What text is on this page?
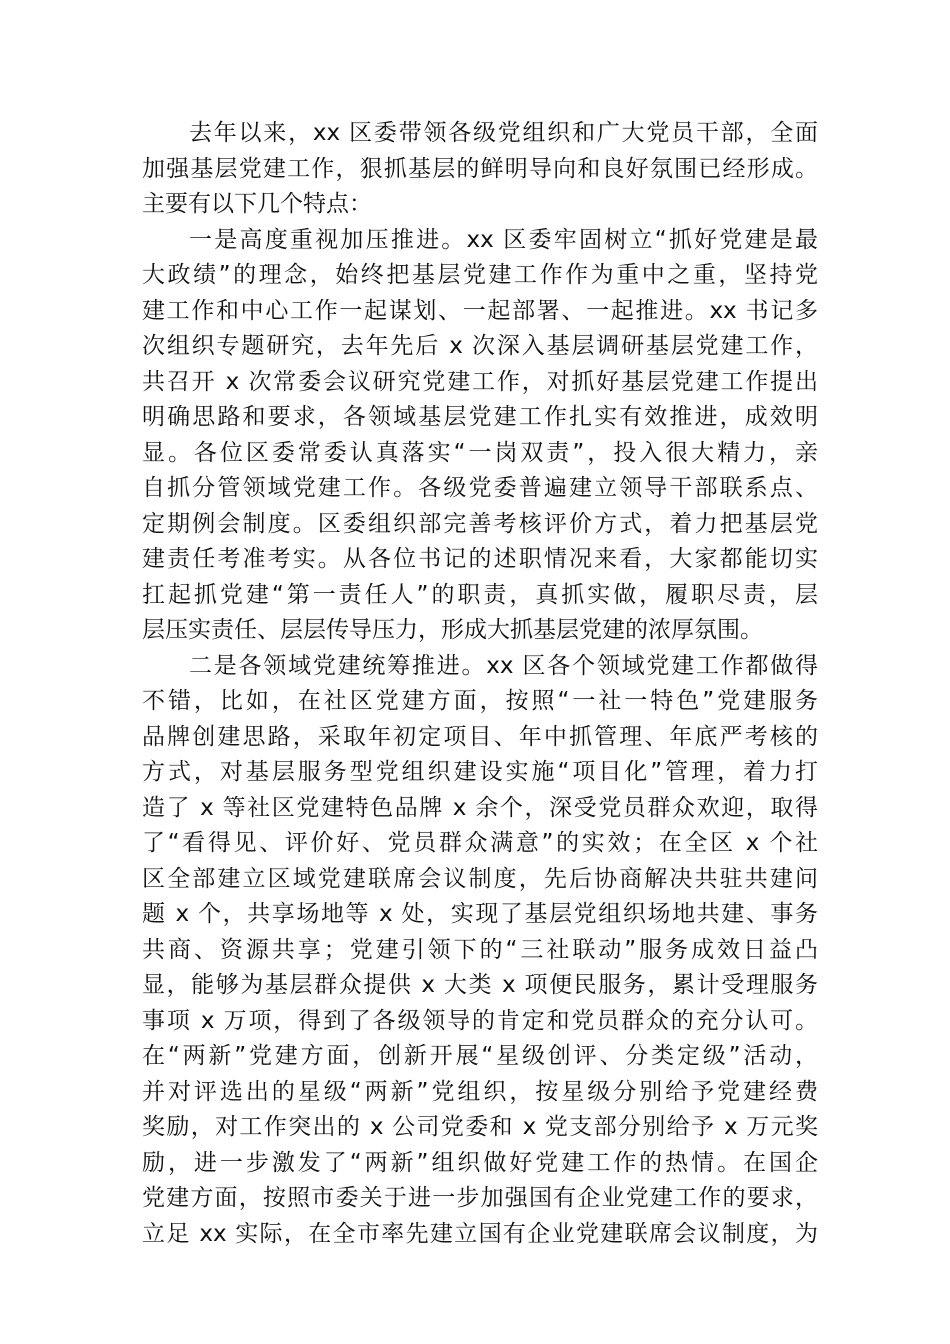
去年以来，xx 区委带领各级党组织和广大党员干部，全面
加强基层党建工作，狠抓基层的鲜明导向和良好氛围已经形成。
主要有以下几个特点：
一是高度重视加压推进。xx 区委牢固树立“抓好党建是最
大政绩”的理念，始终把基层党建工作作为重中之重，坚持党
建工作和中心工作一起谋划、一起部署、一起推进。xx 书记多
次组织专题研究，去年先后 x 次深入基层调研基层党建工作，
共召开 x 次常委会议研究党建工作，对抓好基层党建工作提出
明确思路和要求，各领域基层党建工作扎实有效推进，成效明
显。各位区委常委认真落实“一岗双责”，投入很大精力，亲
自抓分管领域党建工作。各级党委普遍建立领导干部联系点、
定期例会制度。区委组织部完善考核评价方式，着力把基层党
建责任考准考实。从各位书记的述职情况来看，大家都能切实
扛起抓党建“第一责任人”的职责，真抓实做，履职尽责，层
层压实责任、层层传导压力，形成大抓基层党建的浓厚氛围。
二是各领域党建统筹推进。xx 区各个领域党建工作都做得
不错，比如，在社区党建方面，按照“一社一特色”党建服务
品牌创建思路，采取年初定项目、年中抓管理、年底严考核的
方式，对基层服务型党组织建设实施“项目化”管理，着力打
造了 x 等社区党建特色品牌 x 余个，深受党员群众欢迎，取得
了“看得见、评价好、党员群众满意”的实效；在全区 x 个社
区全部建立区域党建联席会议制度，先后协商解决共驻共建问
题 x 个，共享场地等 x 处，实现了基层党组织场地共建、事务
共商、资源共享；党建引领下的“三社联动”服务成效日益凸
显，能够为基层群众提供 x 大类 x 项便民服务，累计受理服务
事项 x 万项，得到了各级领导的肯定和党员群众的充分认可。
在“两新”党建方面，创新开展“星级创评、分类定级”活动，
并对评选出的星级“两新”党组织，按星级分别给予党建经费
奖励，对工作突出的 x 公司党委和 x 党支部分别给予 x 万元奖
励，进一步激发了“两新”组织做好党建工作的热情。在国企
党建方面，按照市委关于进一步加强国有企业党建工作的要求，
立足 xx 实际，在全市率先建立国有企业党建联席会议制度，为
